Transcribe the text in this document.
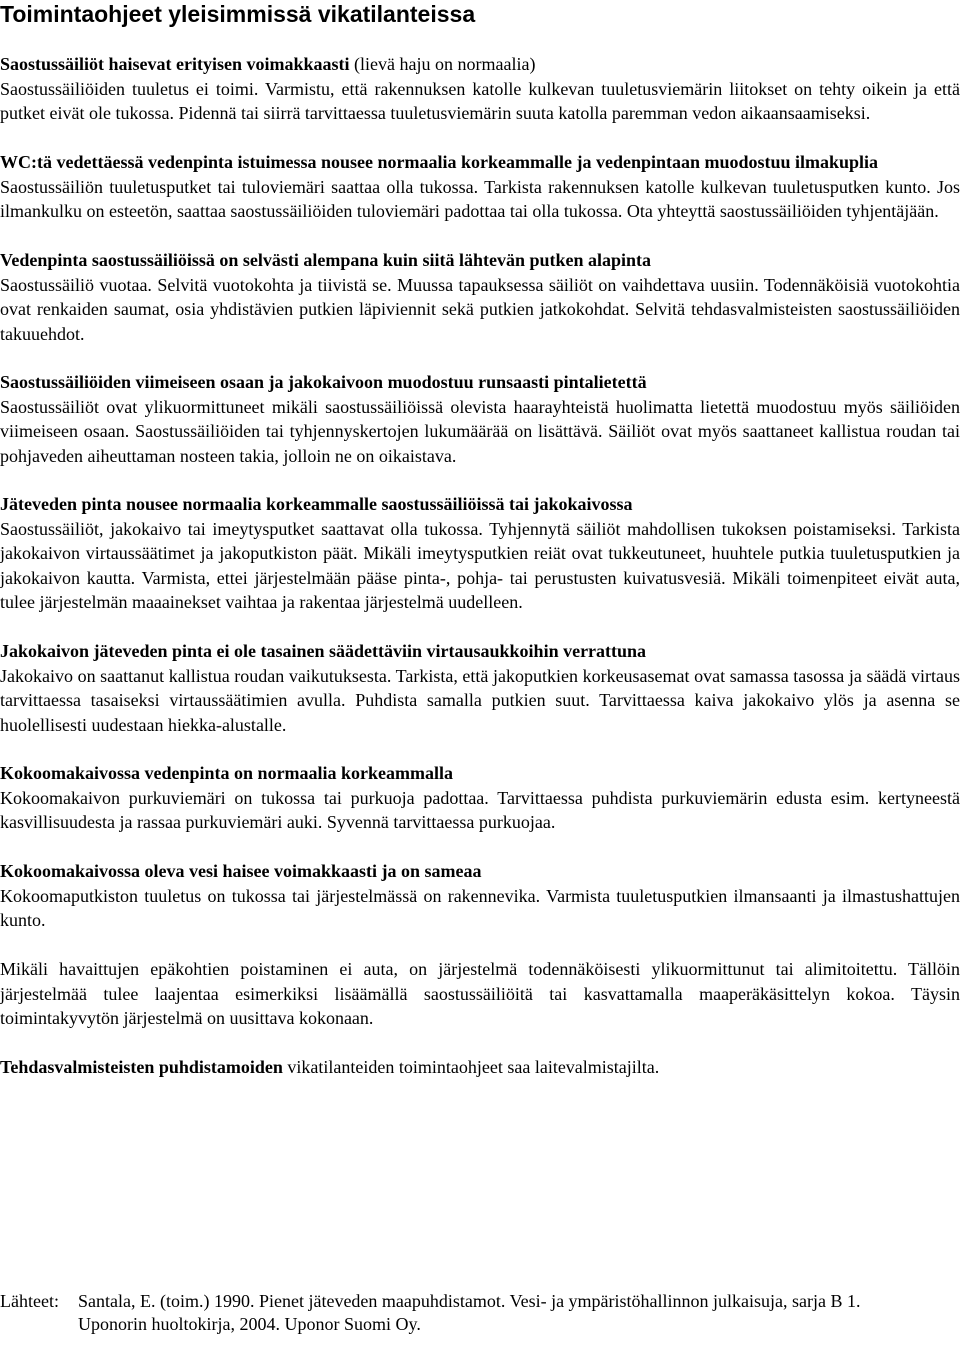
Toimintaohjeet yleisimmissä vikatilanteissa

Saostussäiliöt haisevat erityisen voimakkaasti (lievä haju on normaalia)

Saostussäiliöiden tuuletus ei toimi. Varmistu, että rakennuksen katolle kulkevan tuuletusviemärin liitokset on tehty oikein ja että putket eivät ole tukossa. Pidennä tai siirrä tarvittaessa tuuletusviemärin suuta katolla paremman vedon aikaansaamiseksi.

WC:tä vedettäessä vedenpinta istuimessa nousee normaalia korkeammalle ja vedenpintaan muodostuu ilmakuplia

Saostussäiliön tuuletusputket tai tuloviemäri saattaa olla tukossa. Tarkista rakennuksen katolle kulkevan tuuletusputken kunto. Jos ilmankulku on esteetön, saattaa saostussäiliöiden tuloviemäri padottaa tai olla tukossa. Ota yhteyttä saostussäiliöiden tyhjentäjään.

Vedenpinta saostussäiliöissä on selvästi alempana kuin siitä lähtevän putken alapinta

Saostussäiliö vuotaa. Selvitä vuotokohta ja tiivistä se. Muussa tapauksessa säiliöt on vaihdettava uusiin. Todennäköisiä vuotokohtia ovat renkaiden saumat, osia yhdistävien putkien läpiviennit sekä putkien jatkokohdat. Selvitä tehdasvalmisteisten saostussäiliöiden takuuehdot.

Saostussäiliöiden viimeiseen osaan ja jakokaivoon muodostuu runsaasti pintalietettä

Saostussäiliöt ovat ylikuormittuneet mikäli saostussäiliöissä olevista haarayhteistä huolimatta lietettä muodostuu myös säiliöiden viimeiseen osaan. Saostussäiliöiden tai tyhjennyskertojen lukumäärää on lisättävä. Säiliöt ovat myös saattaneet kallistua roudan tai pohjaveden aiheuttaman nosteen takia, jolloin ne on oikaistava.

Jäteveden pinta nousee normaalia korkeammalle saostussäiliöissä tai jakokaivossa

Saostussäiliöt, jakokaivo tai imeytysputket saattavat olla tukossa. Tyhjennytä säiliöt mahdollisen tukoksen poistamiseksi. Tarkista jakokaivon virtaussäätimet ja jakoputkiston päät. Mikäli imeytysputkien reiät ovat tukkeutuneet, huuhtele putkia tuuletusputkien ja jakokaivon kautta. Varmista, ettei järjestelmään pääse pinta-, pohja- tai perustusten kuivatusvesiä. Mikäli toimenpiteet eivät auta, tulee järjestelmän maaainekset vaihtaa ja rakentaa järjestelmä uudelleen.

Jakokaivon jäteveden pinta ei ole tasainen säädettäviin virtausaukkoihin verrattuna

Jakokaivo on saattanut kallistua roudan vaikutuksesta. Tarkista, että jakoputkien korkeusasemat ovat samassa tasossa ja säädä virtaus tarvittaessa tasaiseksi virtaussäätimien avulla. Puhdista samalla putkien suut. Tarvittaessa kaiva jakokaivo ylös ja asenna se huolellisesti uudestaan hiekka-alustalle.

Kokoomakaivossa vedenpinta on normaalia korkeammalla

Kokoomakaivon purkuviemäri on tukossa tai purkuoja padottaa. Tarvittaessa puhdista purkuviemärin edusta esim. kertyneestä kasvillisuudesta ja rassaa purkuviemäri auki. Syvennä tarvittaessa purkuojaa.

Kokoomakaivossa oleva vesi haisee voimakkaasti ja on sameaa

Kokoomaputkiston tuuletus on tukossa tai järjestelmässä on rakennevika. Varmista tuuletusputkien ilmansaanti ja ilmastushattujen kunto.

Mikäli havaittujen epäkohtien poistaminen ei auta, on järjestelmä todennäköisesti ylikuormittunut tai alimitoitettu. Tällöin järjestelmää tulee laajentaa esimerkiksi lisäämällä saostussäiliöitä tai kasvattamalla maaperäkäsittelyn kokoa. Täysin toimintakyvytön järjestelmä on uusittava kokonaan.

Tehdasvalmisteisten puhdistamoiden vikatilanteiden toimintaohjeet saa laitevalmistajilta.

Lähteet:	Santala, E. (toim.) 1990. Pienet jäteveden maapuhdistamot. Vesi- ja ympäristöhallinnon julkaisuja, sarja B 1.
Uponorin huoltokirja, 2004. Uponor Suomi Oy.
